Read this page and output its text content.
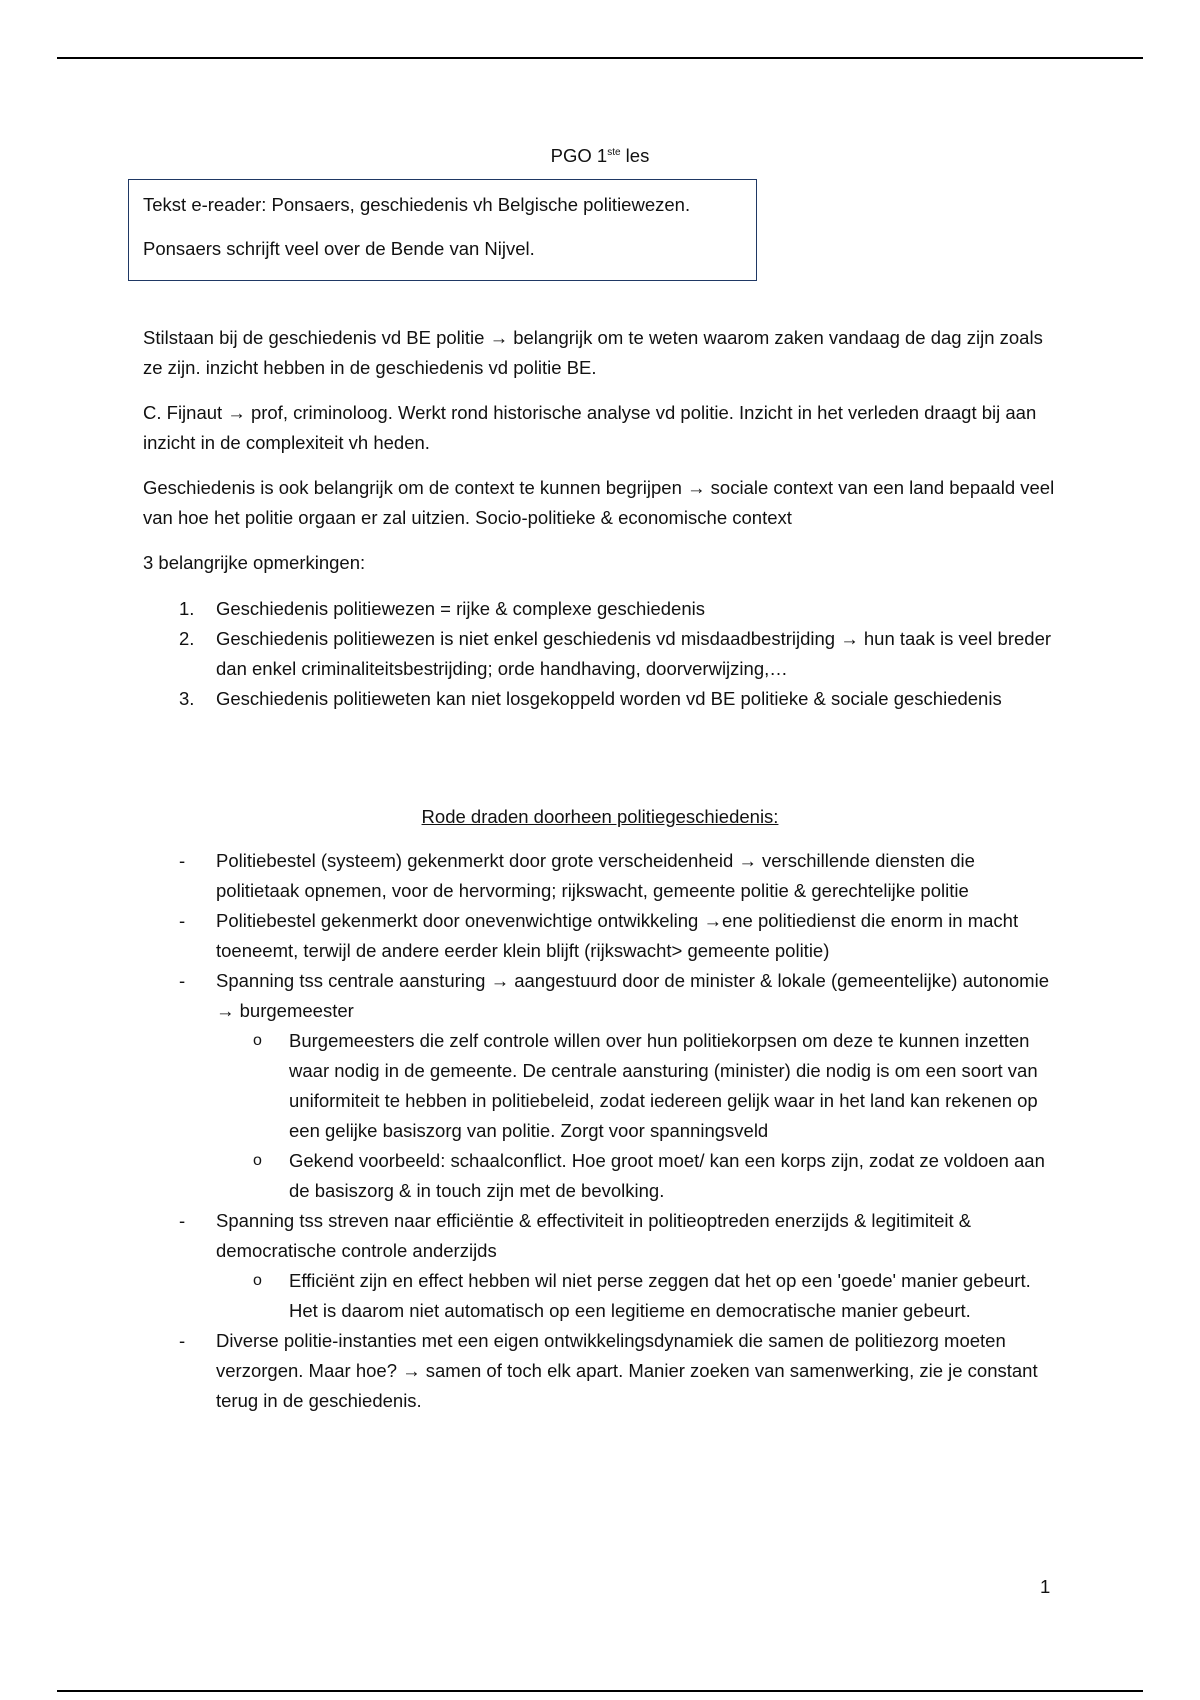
PGO 1ste les

Tekst e-reader: Ponsaers, geschiedenis vh Belgische politiewezen.

Ponsaers schrijft veel over de Bende van Nijvel.

Stilstaan bij de geschiedenis vd BE politie → belangrijk om te weten waarom zaken vandaag de dag zijn zoals ze zijn. inzicht hebben in de geschiedenis vd politie BE.

C. Fijnaut → prof, criminoloog. Werkt rond historische analyse vd politie. Inzicht in het verleden draagt bij aan inzicht in de complexiteit vh heden.

Geschiedenis is ook belangrijk om de context te kunnen begrijpen → sociale context van een land bepaald veel van hoe het politie orgaan er zal uitzien. Socio-politieke & economische context

3 belangrijke opmerkingen:

1. Geschiedenis politiewezen = rijke & complexe geschiedenis
2. Geschiedenis politiewezen is niet enkel geschiedenis vd misdaadbestrijding → hun taak is veel breder dan enkel criminaliteitsbestrijding; orde handhaving, doorverwijzing,…
3. Geschiedenis politieweten kan niet losgekoppeld worden vd BE politieke & sociale geschiedenis
Rode draden doorheen politiegeschiedenis:
- Politiebestel (systeem) gekenmerkt door grote verscheidenheid → verschillende diensten die politietaak opnemen, voor de hervorming; rijkswacht, gemeente politie & gerechtelijke politie
- Politiebestel gekenmerkt door onevenwichtige ontwikkeling →ene politiedienst die enorm in macht toeneemt, terwijl de andere eerder klein blijft (rijkswacht> gemeente politie)
- Spanning tss centrale aansturing → aangestuurd door de minister & lokale (gemeentelijke) autonomie → burgemeester
o Burgemeesters die zelf controle willen over hun politiekorpsen om deze te kunnen inzetten waar nodig in de gemeente. De centrale aansturing (minister) die nodig is om een soort van uniformiteit te hebben in politiebeleid, zodat iedereen gelijk waar in het land kan rekenen op een gelijke basiszorg van politie. Zorgt voor spanningsveld
o Gekend voorbeeld: schaalconflict. Hoe groot moet/ kan een korps zijn, zodat ze voldoen aan de basiszorg & in touch zijn met de bevolking.
- Spanning tss streven naar efficiëntie & effectiviteit in politieoptreden enerzijds & legitimiteit & democratische controle anderzijds
o Efficiënt zijn en effect hebben wil niet perse zeggen dat het op een 'goede' manier gebeurt. Het is daarom niet automatisch op een legitieme en democratische manier gebeurt.
- Diverse politie-instanties met een eigen ontwikkelingsdynamiek die samen de politiezorg moeten verzorgen. Maar hoe? → samen of toch elk apart. Manier zoeken van samenwerking, zie je constant terug in de geschiedenis.
1
